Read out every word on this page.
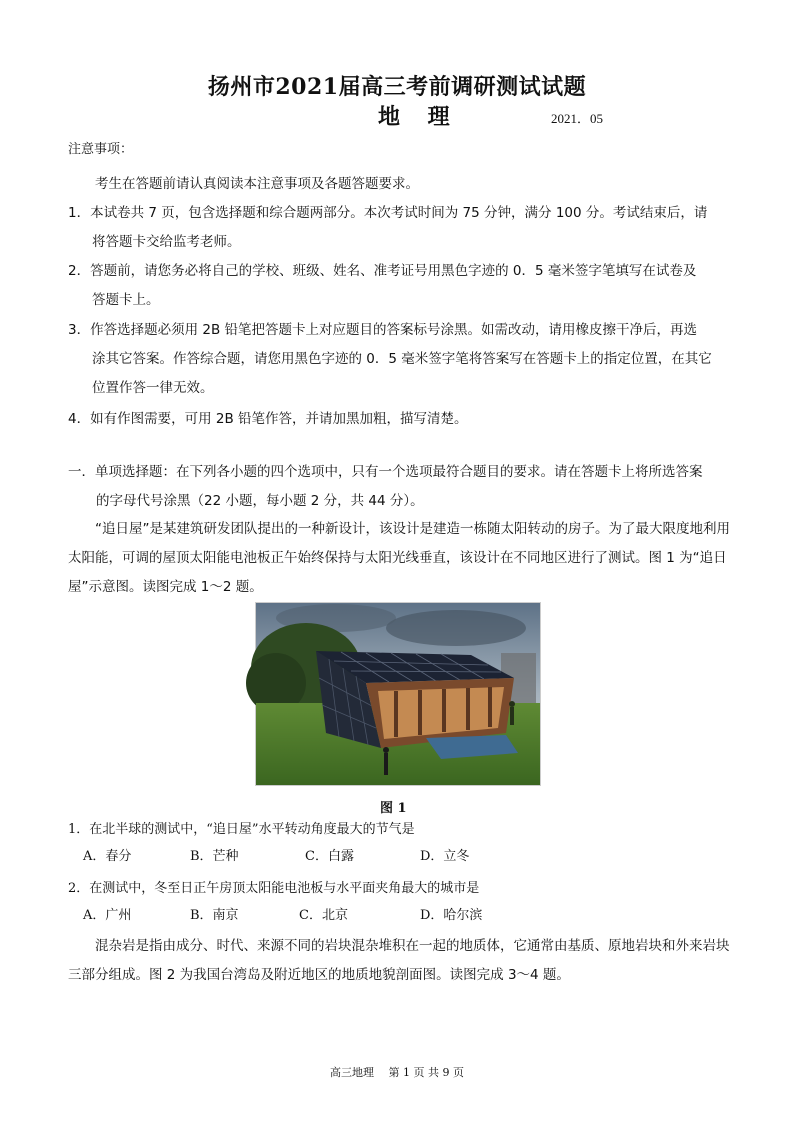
扬州市2021届高三考前调研测试试题
地 理	2021．05
注意事项：
考生在答题前请认真阅读本注意事项及各题答题要求。
1．本试卷共 7 页，包含选择题和综合题两部分。本次考试时间为 75 分钟，满分 100 分。考试结束后，请
将答题卡交给监考老师。
2．答题前，请您务必将自己的学校、班级、姓名、准考证号用黑色字迹的 0．5 毫米签字笔填写在试卷及
答题卡上。
3．作答选择题必须用 2B 铅笔把答题卡上对应题目的答案标号涂黑。如需改动，请用橡皮擦干净后，再选
涂其它答案。作答综合题，请您用黑色字迹的 0．5 毫米签字笔将答案写在答题卡上的指定位置，在其它
位置作答一律无效。
4．如有作图需要，可用 2B 铅笔作答，并请加黑加粗，描写清楚。
一．单项选择题：在下列各小题的四个选项中，只有一个选项最符合题目的要求。请在答题卡上将所选答案
的字母代号涂黑（22 小题，每小题 2 分，共 44 分）。
“追日屋”是某建筑研发团队提出的一种新设计，该设计是建造一栋随太阳转动的房子。为了最大限度地利用太阳能，可调的屋顶太阳能电池板正午始终保持与太阳光线垂直，该设计在不同地区进行了测试。图 1 为“追日屋”示意图。读图完成 1～2 题。
图 1
1．在北半球的测试中，“追日屋”水平转动角度最大的节气是
A．春分	B．芒种	C．白露	D．立冬
2．在测试中，冬至日正午房顶太阳能电池板与水平面夹角最大的城市是
A．广州	B．南京	C．北京	D．哈尔滨
混杂岩是指由成分、时代、来源不同的岩块混杂堆积在一起的地质体，它通常由基质、原地岩块和外来岩块三部分组成。图 2 为我国台湾岛及附近地区的地质地貌剖面图。读图完成 3～4 题。
高三地理　 第 1 页 共 9 页
